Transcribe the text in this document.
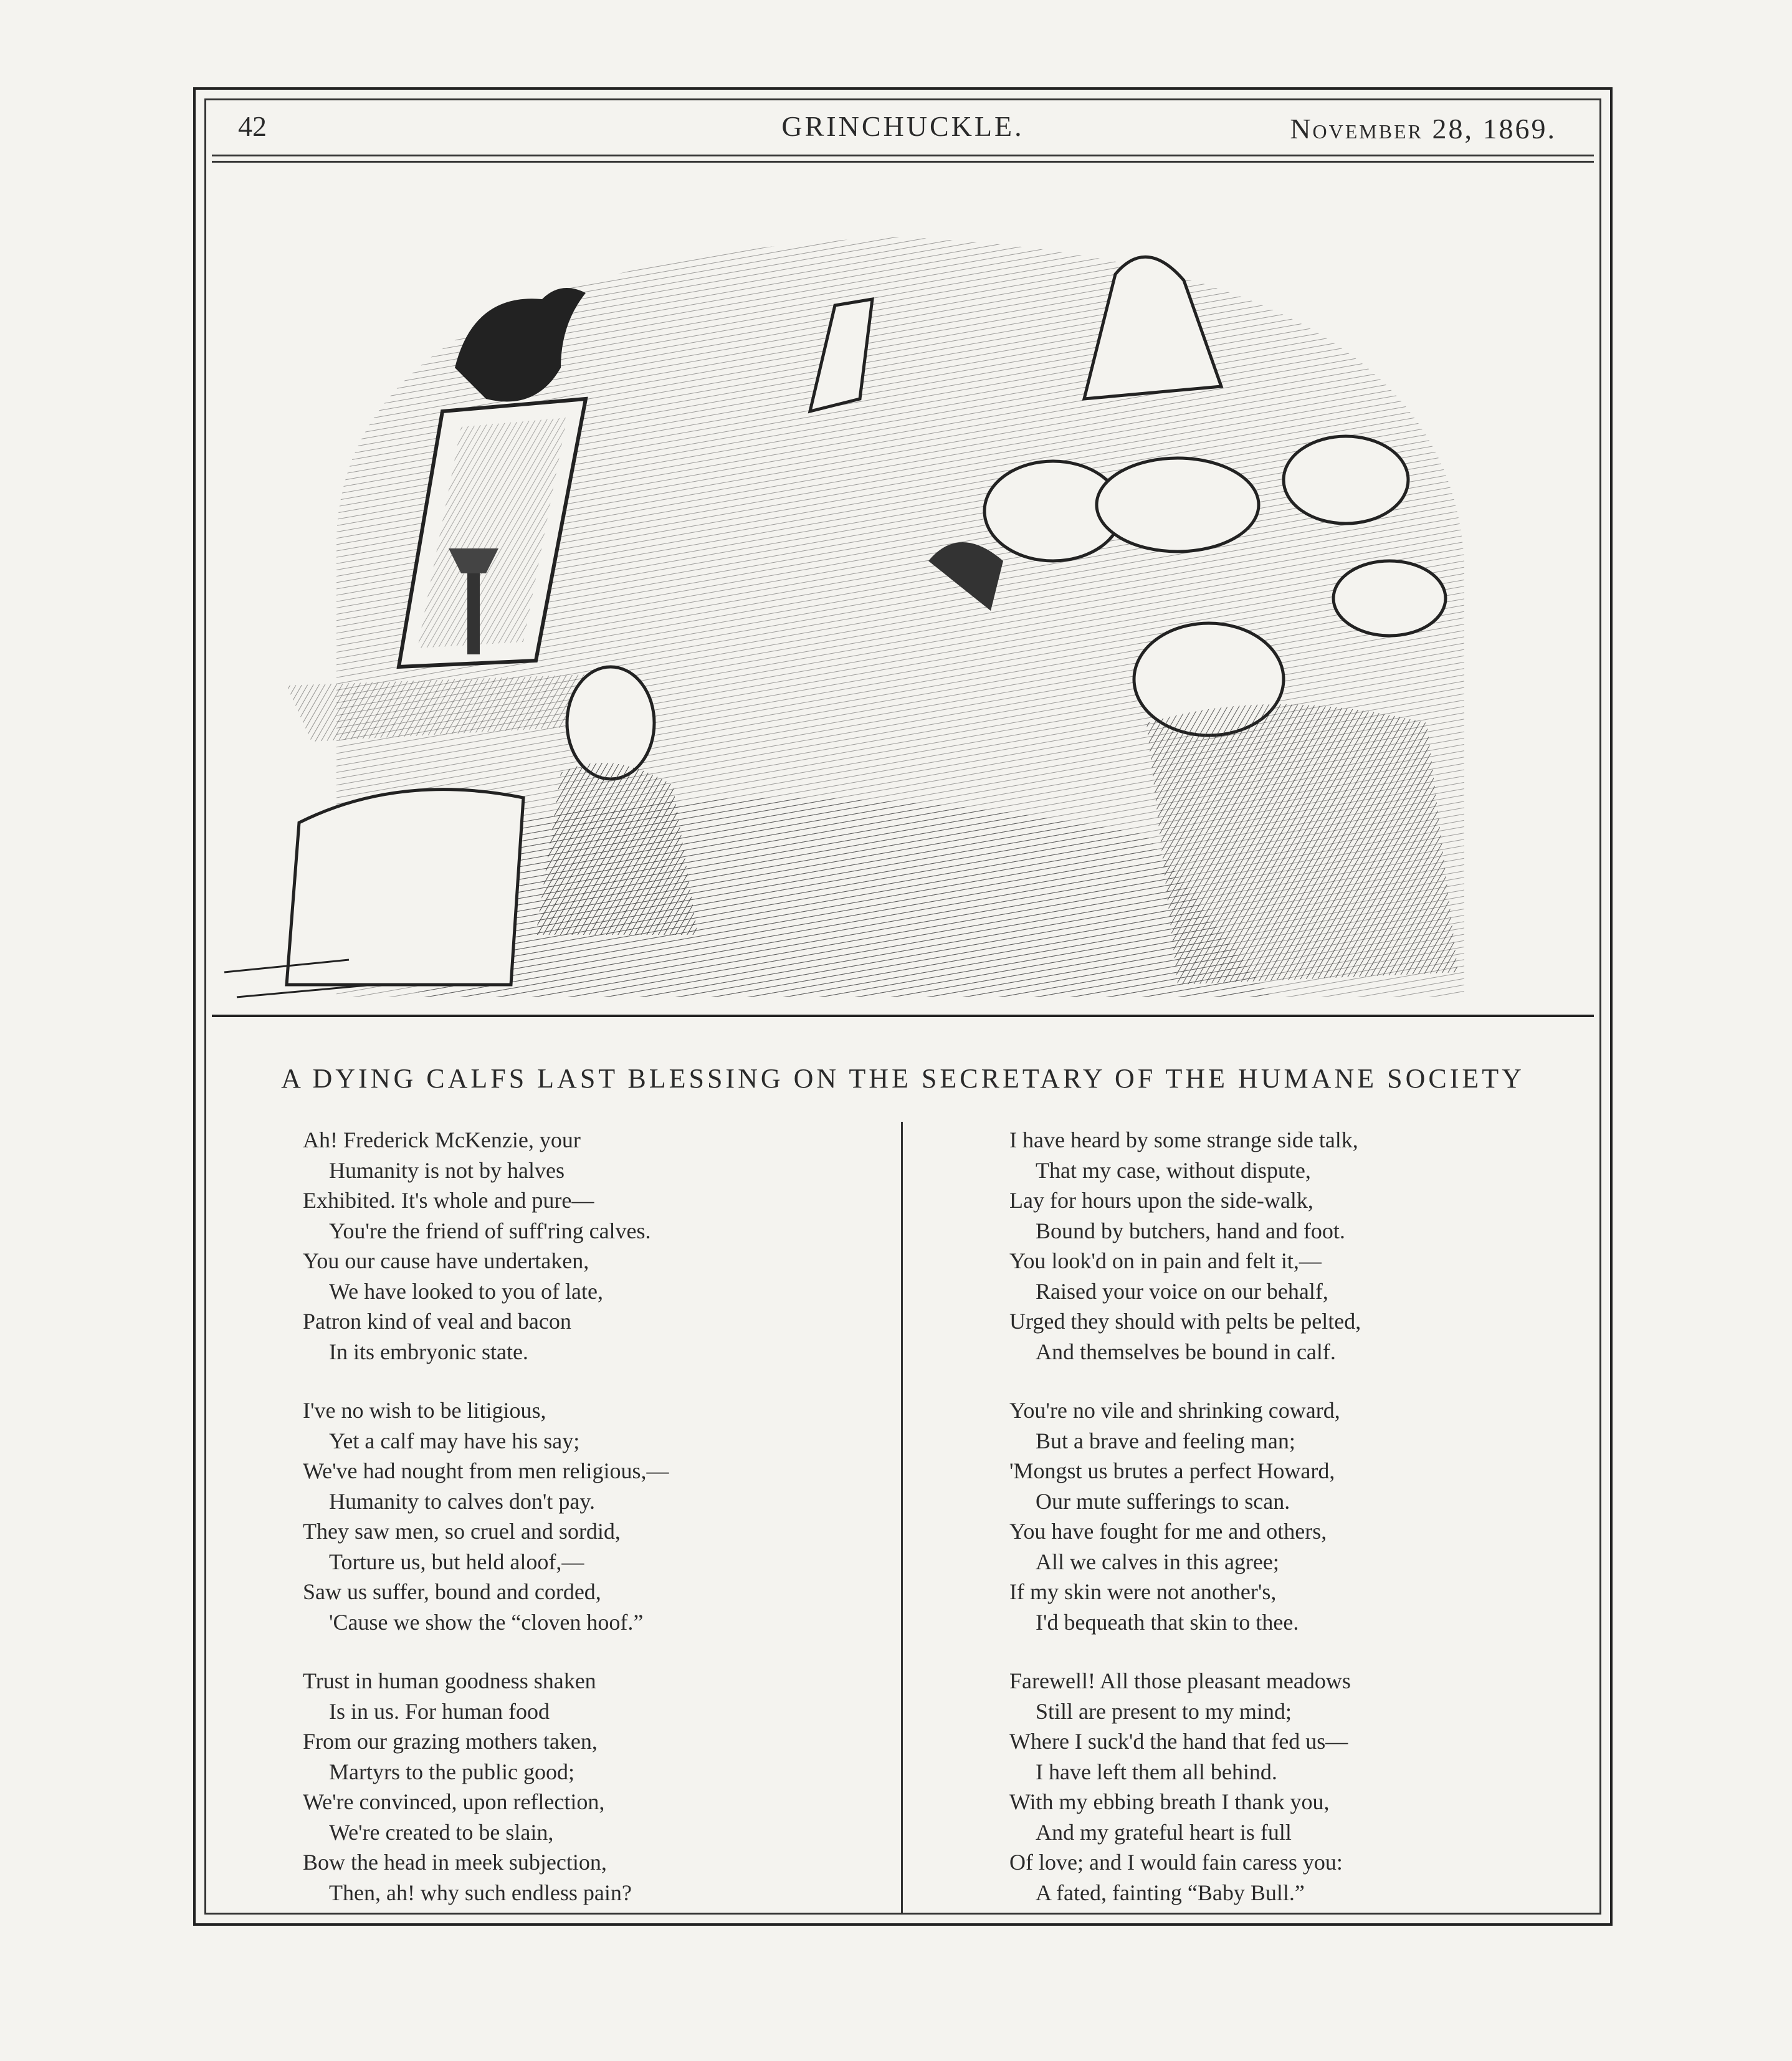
42	GRINCHUCKLE.	November 28, 1869.
A DYING CALFS LAST BLESSING ON THE SECRETARY OF THE HUMANE SOCIETY
Ah! Frederick McKenzie, your
Humanity is not by halves
Exhibited. It's whole and pure—
You're the friend of suff'ring calves.
You our cause have undertaken,
We have looked to you of late,
Patron kind of veal and bacon
In its embryonic state.
I've no wish to be litigious,
Yet a calf may have his say;
We've had nought from men religious,—
Humanity to calves don't pay.
They saw men, so cruel and sordid,
Torture us, but held aloof,—
Saw us suffer, bound and corded,
'Cause we show the “cloven hoof.”
Trust in human goodness shaken
Is in us. For human food
From our grazing mothers taken,
Martyrs to the public good;
We're convinced, upon reflection,
We're created to be slain,
Bow the head in meek subjection,
Then, ah! why such endless pain?
I have heard by some strange side talk,
That my case, without dispute,
Lay for hours upon the side-walk,
Bound by butchers, hand and foot.
You look'd on in pain and felt it,—
Raised your voice on our behalf,
Urged they should with pelts be pelted,
And themselves be bound in calf.
You're no vile and shrinking coward,
But a brave and feeling man;
'Mongst us brutes a perfect Howard,
Our mute sufferings to scan.
You have fought for me and others,
All we calves in this agree;
If my skin were not another's,
I'd bequeath that skin to thee.
Farewell! All those pleasant meadows
Still are present to my mind;
Where I suck'd the hand that fed us—
I have left them all behind.
With my ebbing breath I thank you,
And my grateful heart is full
Of love; and I would fain caress you:
A fated, fainting “Baby Bull.”
